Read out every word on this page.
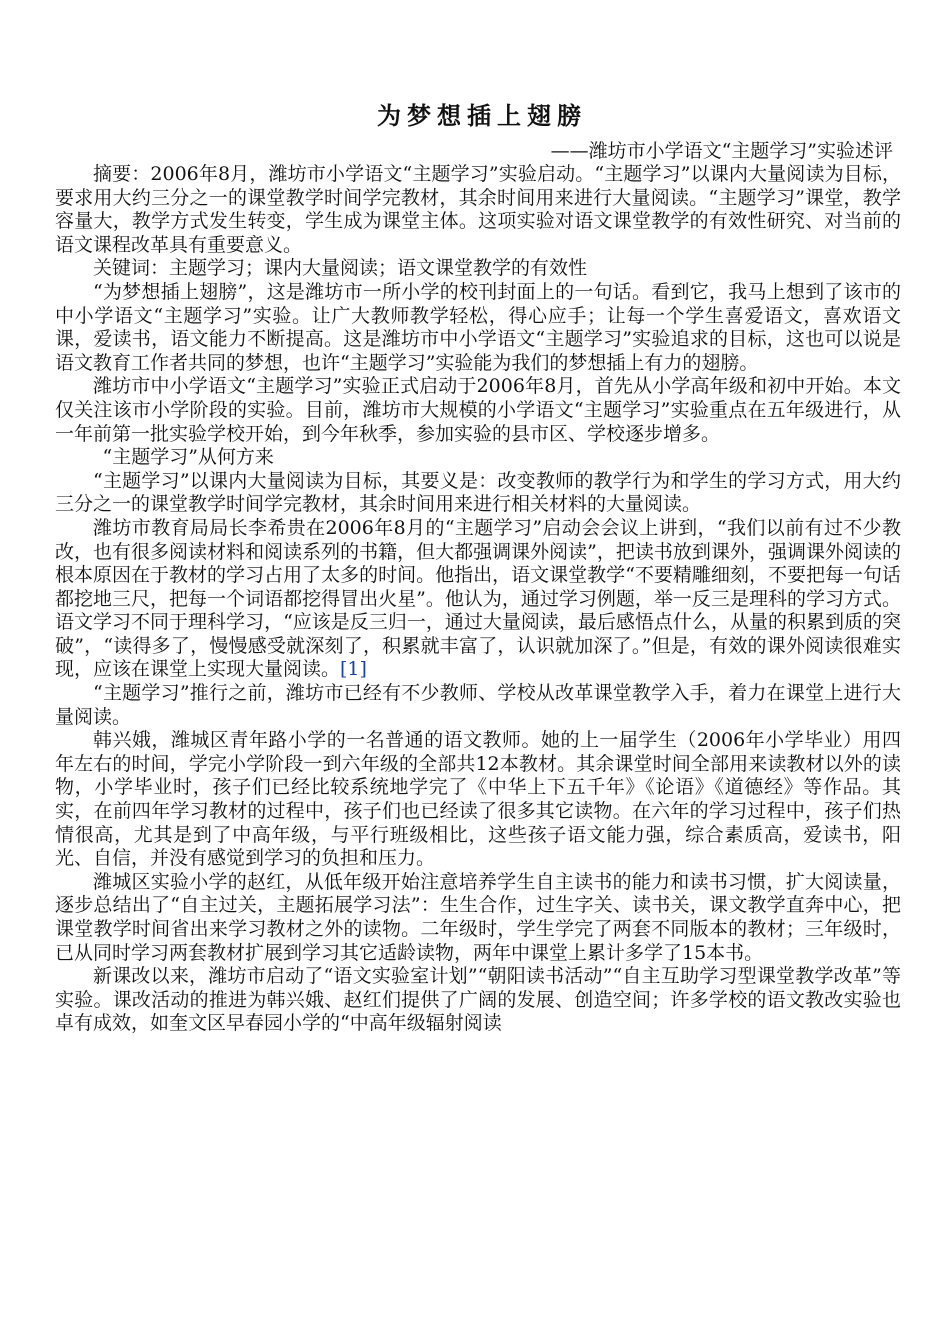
为梦想插上翅膀
——潍坊市小学语文“主题学习”实验述评

摘要：2006年8月，潍坊市小学语文“主题学习”实验启动。“主题学习”以课内大量阅读为目标，要求用大约三分之一的课堂教学时间学完教材，其余时间用来进行大量阅读。“主题学习”课堂，教学容量大，教学方式发生转变，学生成为课堂主体。这项实验对语文课堂教学的有效性研究、对当前的语文课程改革具有重要意义。

关键词：主题学习；课内大量阅读；语文课堂教学的有效性

“为梦想插上翅膀”，这是潍坊市一所小学的校刊封面上的一句话。看到它，我马上想到了该市的中小学语文“主题学习”实验。让广大教师教学轻松，得心应手；让每一个学生喜爱语文，喜欢语文课，爱读书，语文能力不断提高。这是潍坊市中小学语文“主题学习”实验追求的目标，这也可以说是语文教育工作者共同的梦想，也许“主题学习”实验能为我们的梦想插上有力的翅膀。

潍坊市中小学语文“主题学习”实验正式启动于2006年8月，首先从小学高年级和初中开始。本文仅关注该市小学阶段的实验。目前，潍坊市大规模的小学语文“主题学习”实验重点在五年级进行，从一年前第一批实验学校开始，到今年秋季，参加实验的县市区、学校逐步增多。

“主题学习”从何方来

“主题学习”以课内大量阅读为目标，其要义是：改变教师的教学行为和学生的学习方式，用大约三分之一的课堂教学时间学完教材，其余时间用来进行相关材料的大量阅读。

潍坊市教育局局长李希贵在2006年8月的“主题学习”启动会会议上讲到，“我们以前有过不少教改，也有很多阅读材料和阅读系列的书籍，但大都强调课外阅读”，把读书放到课外，强调课外阅读的根本原因在于教材的学习占用了太多的时间。他指出，语文课堂教学“不要精雕细刻，不要把每一句话都挖地三尺，把每一个词语都挖得冒出火星”。他认为，通过学习例题，举一反三是理科的学习方式。语文学习不同于理科学习，“应该是反三归一，通过大量阅读，最后感悟点什么，从量的积累到质的突破”，“读得多了，慢慢感受就深刻了，积累就丰富了，认识就加深了。”但是，有效的课外阅读很难实现，应该在课堂上实现大量阅读。[1]

“主题学习”推行之前，潍坊市已经有不少教师、学校从改革课堂教学入手，着力在课堂上进行大量阅读。

韩兴娥，潍城区青年路小学的一名普通的语文教师。她的上一届学生（2006年小学毕业）用四年左右的时间，学完小学阶段一到六年级的全部共12本教材。其余课堂时间全部用来读教材以外的读物，小学毕业时，孩子们已经比较系统地学完了《中华上下五千年》《论语》《道德经》等作品。其实，在前四年学习教材的过程中，孩子们也已经读了很多其它读物。在六年的学习过程中，孩子们热情很高，尤其是到了中高年级，与平行班级相比，这些孩子语文能力强，综合素质高，爱读书，阳光、自信，并没有感觉到学习的负担和压力。

潍城区实验小学的赵红，从低年级开始注意培养学生自主读书的能力和读书习惯，扩大阅读量，逐步总结出了“自主过关，主题拓展学习法”：生生合作，过生字关、读书关，课文教学直奔中心，把课堂教学时间省出来学习教材之外的读物。二年级时，学生学完了两套不同版本的教材；三年级时，已从同时学习两套教材扩展到学习其它适龄读物，两年中课堂上累计多学了15本书。

新课改以来，潍坊市启动了“语文实验室计划”“朝阳读书活动”“自主互助学习型课堂教学改革”等实验。课改活动的推进为韩兴娥、赵红们提供了广阔的发展、创造空间；许多学校的语文教改实验也卓有成效，如奎文区早春园小学的“中高年级辐射阅读
